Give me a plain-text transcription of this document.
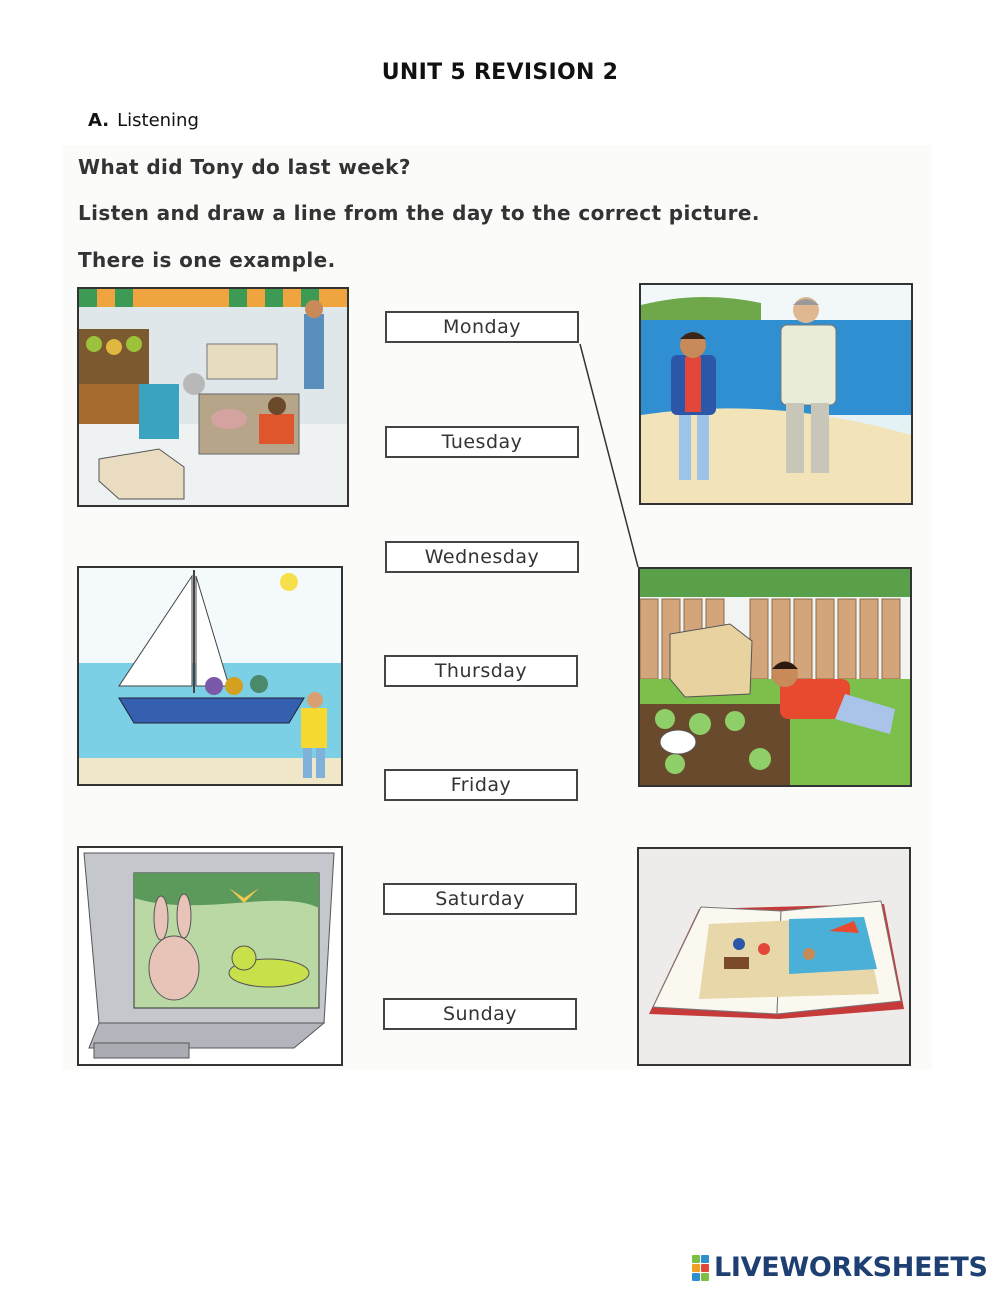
UNIT 5 REVISION 2
A. Listening
What did Tony do last week?
Listen and draw a line from the day to the correct picture.
There is one example.
Monday
Tuesday
Wednesday
Thursday
Friday
Saturday
Sunday
LIVEWORKSHEETS
